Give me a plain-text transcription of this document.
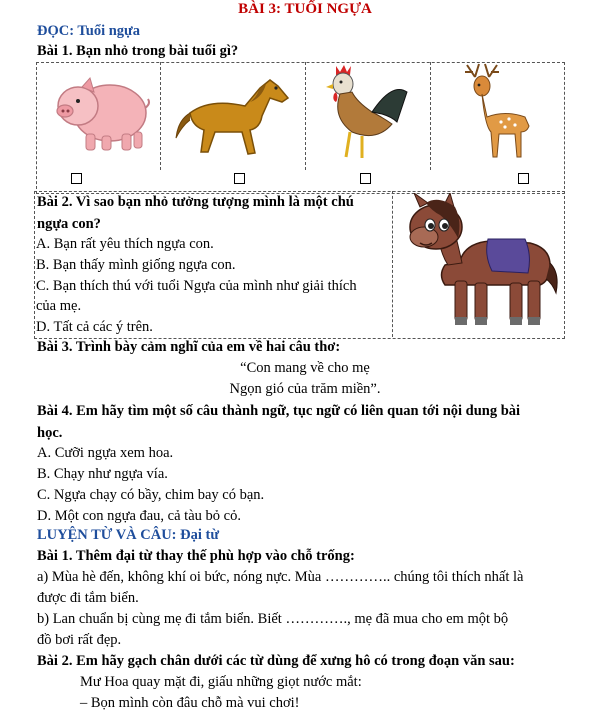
BÀI 3: TUỔI NGỰA
ĐỌC: Tuổi ngựa
Bài 1. Bạn nhỏ trong bài tuổi gì?
Bài 2. Vì sao bạn nhỏ tưởng tượng mình là một chú
ngựa con?
A. Bạn rất yêu thích ngựa con.
B. Bạn thấy mình giống ngựa con.
C. Bạn thích thú với tuổi Ngựa của mình như giải thích
của mẹ.
D. Tất cả các ý trên.
Bài 3. Trình bày cảm nghĩ của em về hai câu thơ:
“Con mang về cho mẹ
Ngọn gió của trăm miền”.
Bài 4. Em hãy tìm một số câu thành ngữ, tục ngữ có liên quan tới nội dung bài
học.
A. Cưỡi ngựa xem hoa.
B. Chạy như ngựa vía.
C. Ngựa chạy có bầy, chim bay có bạn.
D. Một con ngựa đau, cả tàu bỏ cỏ.
LUYỆN TỪ VÀ CÂU: Đại từ
Bài 1. Thêm đại từ thay thế phù hợp vào chỗ trống:
a) Mùa hè đến, không khí oi bức, nóng nực. Mùa ………….. chúng tôi thích nhất là
được đi tắm biển.
b) Lan chuẩn bị cùng mẹ đi tắm biển. Biết …………., mẹ đã mua cho em một bộ
đồ bơi rất đẹp.
Bài 2. Em hãy gạch chân dưới các từ dùng để xưng hô có trong đoạn văn sau:
Mư Hoa quay mặt đi, giấu những giọt nước mắt:
– Bọn mình còn đâu chỗ mà vui chơi!
